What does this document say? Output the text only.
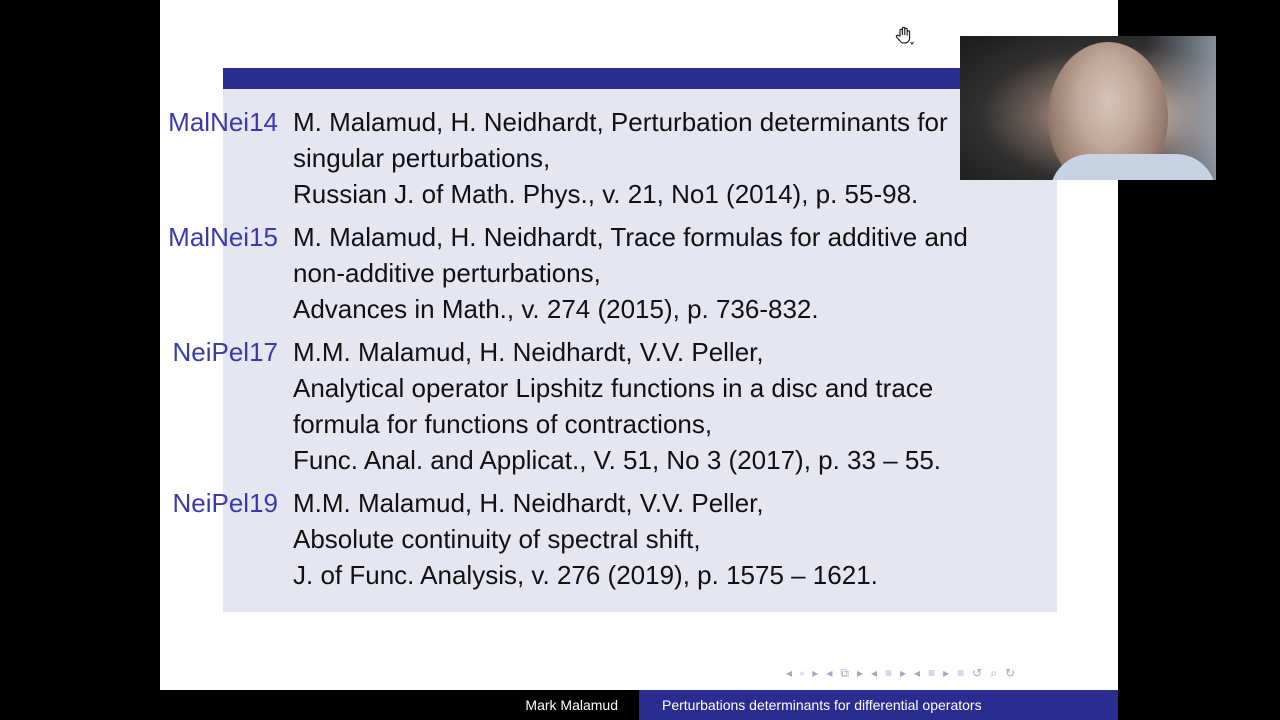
MalNei14 M. Malamud, H. Neidhardt, Perturbation determinants for
singular perturbations,
Russian J. of Math. Phys., v. 21, No1 (2014), p. 55-98.
MalNei15 M. Malamud, H. Neidhardt, Trace formulas for additive and
non-additive perturbations,
Advances in Math., v. 274 (2015), p. 736-832.
NeiPel17 M.M. Malamud, H. Neidhardt, V.V. Peller,
Analytical operator Lipshitz functions in a disc and trace
formula for functions of contractions,
Func. Anal. and Applicat., V. 51, No 3 (2017), p. 33 – 55.
NeiPel19 M.M. Malamud, H. Neidhardt, V.V. Peller,
Absolute continuity of spectral shift,
J. of Func. Analysis, v. 276 (2019), p. 1575 – 1621.
◂ ▫ ▸ ◂ ⧉ ▸ ◂ ≡ ▸ ◂ ≡ ▸ ≡ ↺ ⌕ ↻
Mark Malamud	Perturbations determinants for differential operators
